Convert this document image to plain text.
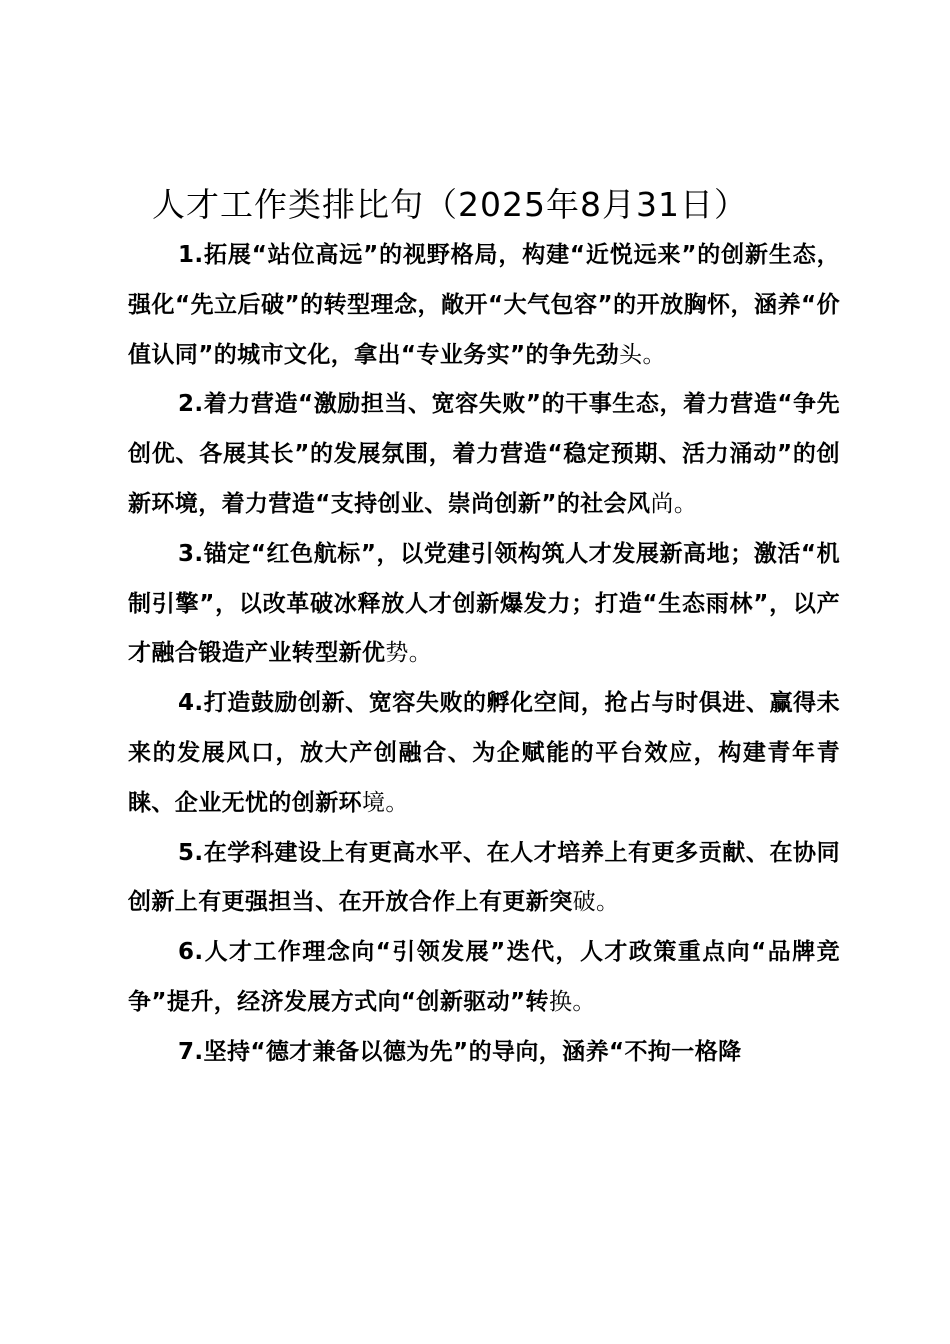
人才工作类排比句（2025年8月31日）

1.拓展“站位高远”的视野格局，构建“近悦远来”的创新生态，强化“先立后破”的转型理念，敞开“大气包容”的开放胸怀，涵养“价值认同”的城市文化，拿出“专业务实”的争先劲头。

2.着力营造“激励担当、宽容失败”的干事生态，着力营造“争先创优、各展其长”的发展氛围，着力营造“稳定预期、活力涌动”的创新环境，着力营造“支持创业、崇尚创新”的社会风尚。

3.锚定“红色航标”，以党建引领构筑人才发展新高地；激活“机制引擎”，以改革破冰释放人才创新爆发力；打造“生态雨林”，以产才融合锻造产业转型新优势。

4.打造鼓励创新、宽容失败的孵化空间，抢占与时俱进、赢得未来的发展风口，放大产创融合、为企赋能的平台效应，构建青年青睐、企业无忧的创新环境。

5.在学科建设上有更高水平、在人才培养上有更多贡献、在协同创新上有更强担当、在开放合作上有更新突破。

6.人才工作理念向“引领发展”迭代，人才政策重点向“品牌竞争”提升，经济发展方式向“创新驱动”转换。

7.坚持“德才兼备以德为先”的导向，涵养“不拘一格降
